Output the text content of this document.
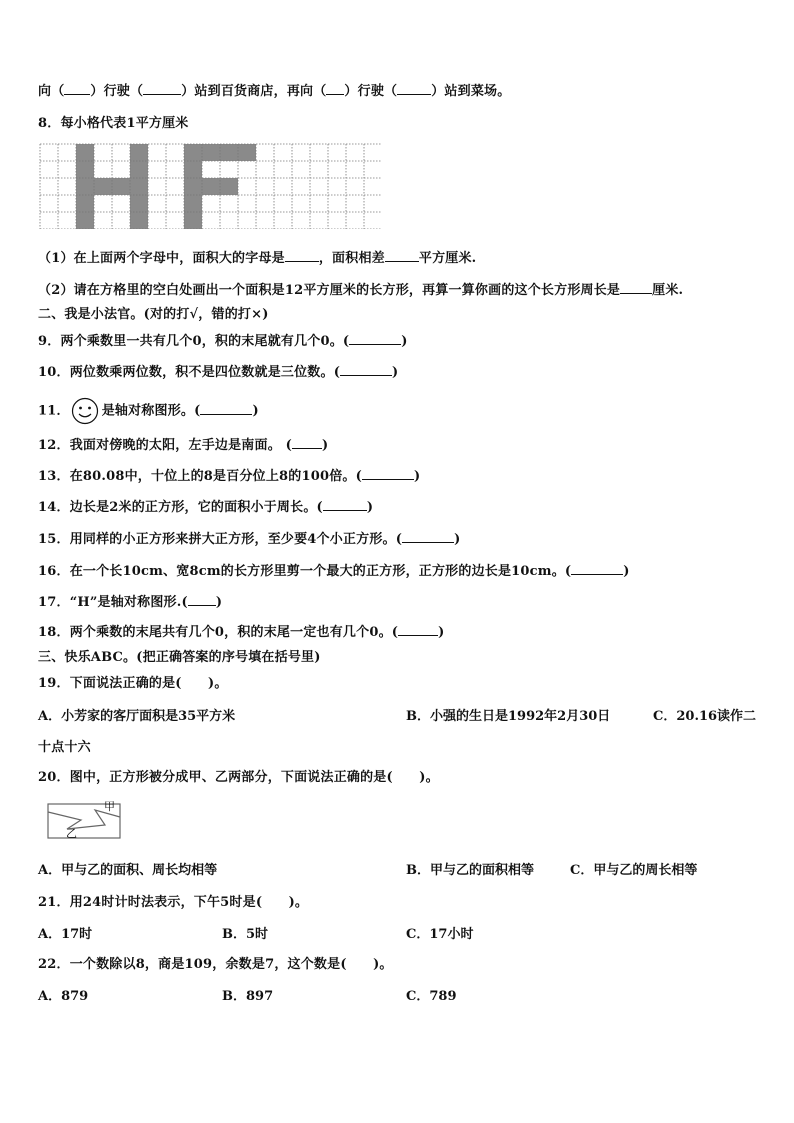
向（ ）行驶（	）站到百货商店，再向（ ）行驶（	）站到菜场。
8．每小格代表1平方厘米
（1）在上面两个字母中，面积大的字母是	，面积相差	平方厘米.
（2）请在方格里的空白处画出一个面积是12平方厘米的长方形，再算一算你画的这个长方形周长是 厘米.
二、我是小法官。(对的打√，错的打×)
9．两个乘数里一共有几个0，积的末尾就有几个0。(	)
10．两位数乘两位数，积不是四位数就是三位数。(	)
11． 是轴对称图形。(	)
12．我面对傍晚的太阳，左手边是南面。 ( )
13．在80.08中，十位上的8是百分位上8的100倍。(	)
14．边长是2米的正方形，它的面积小于周长。(	)
15．用同样的小正方形来拼大正方形，至少要4个小正方形。(	)
16．在一个长10cm、宽8cm的长方形里剪一个最大的正方形，正方形的边长是10cm。(	)
17．“H”是轴对称图形.( )
18．两个乘数的末尾共有几个0，积的末尾一定也有几个0。(	)
三、快乐ABC。(把正确答案的序号填在括号里)
19．下面说法正确的是(　　)。
A．小芳家的客厅面积是35平方米	B．小强的生日是1992年2月30日	C．20.16读作二
十点十六
20．图中，正方形被分成甲、乙两部分，下面说法正确的是(　　)。
甲
乙
A．甲与乙的面积、周长均相等	B．甲与乙的面积相等	C．甲与乙的周长相等
21．用24时计时法表示，下午5时是(　　)。
A．17时	B．5时	C．17小时
22．一个数除以8，商是109，余数是7，这个数是(　　)。
A．879	B．897	C．789
